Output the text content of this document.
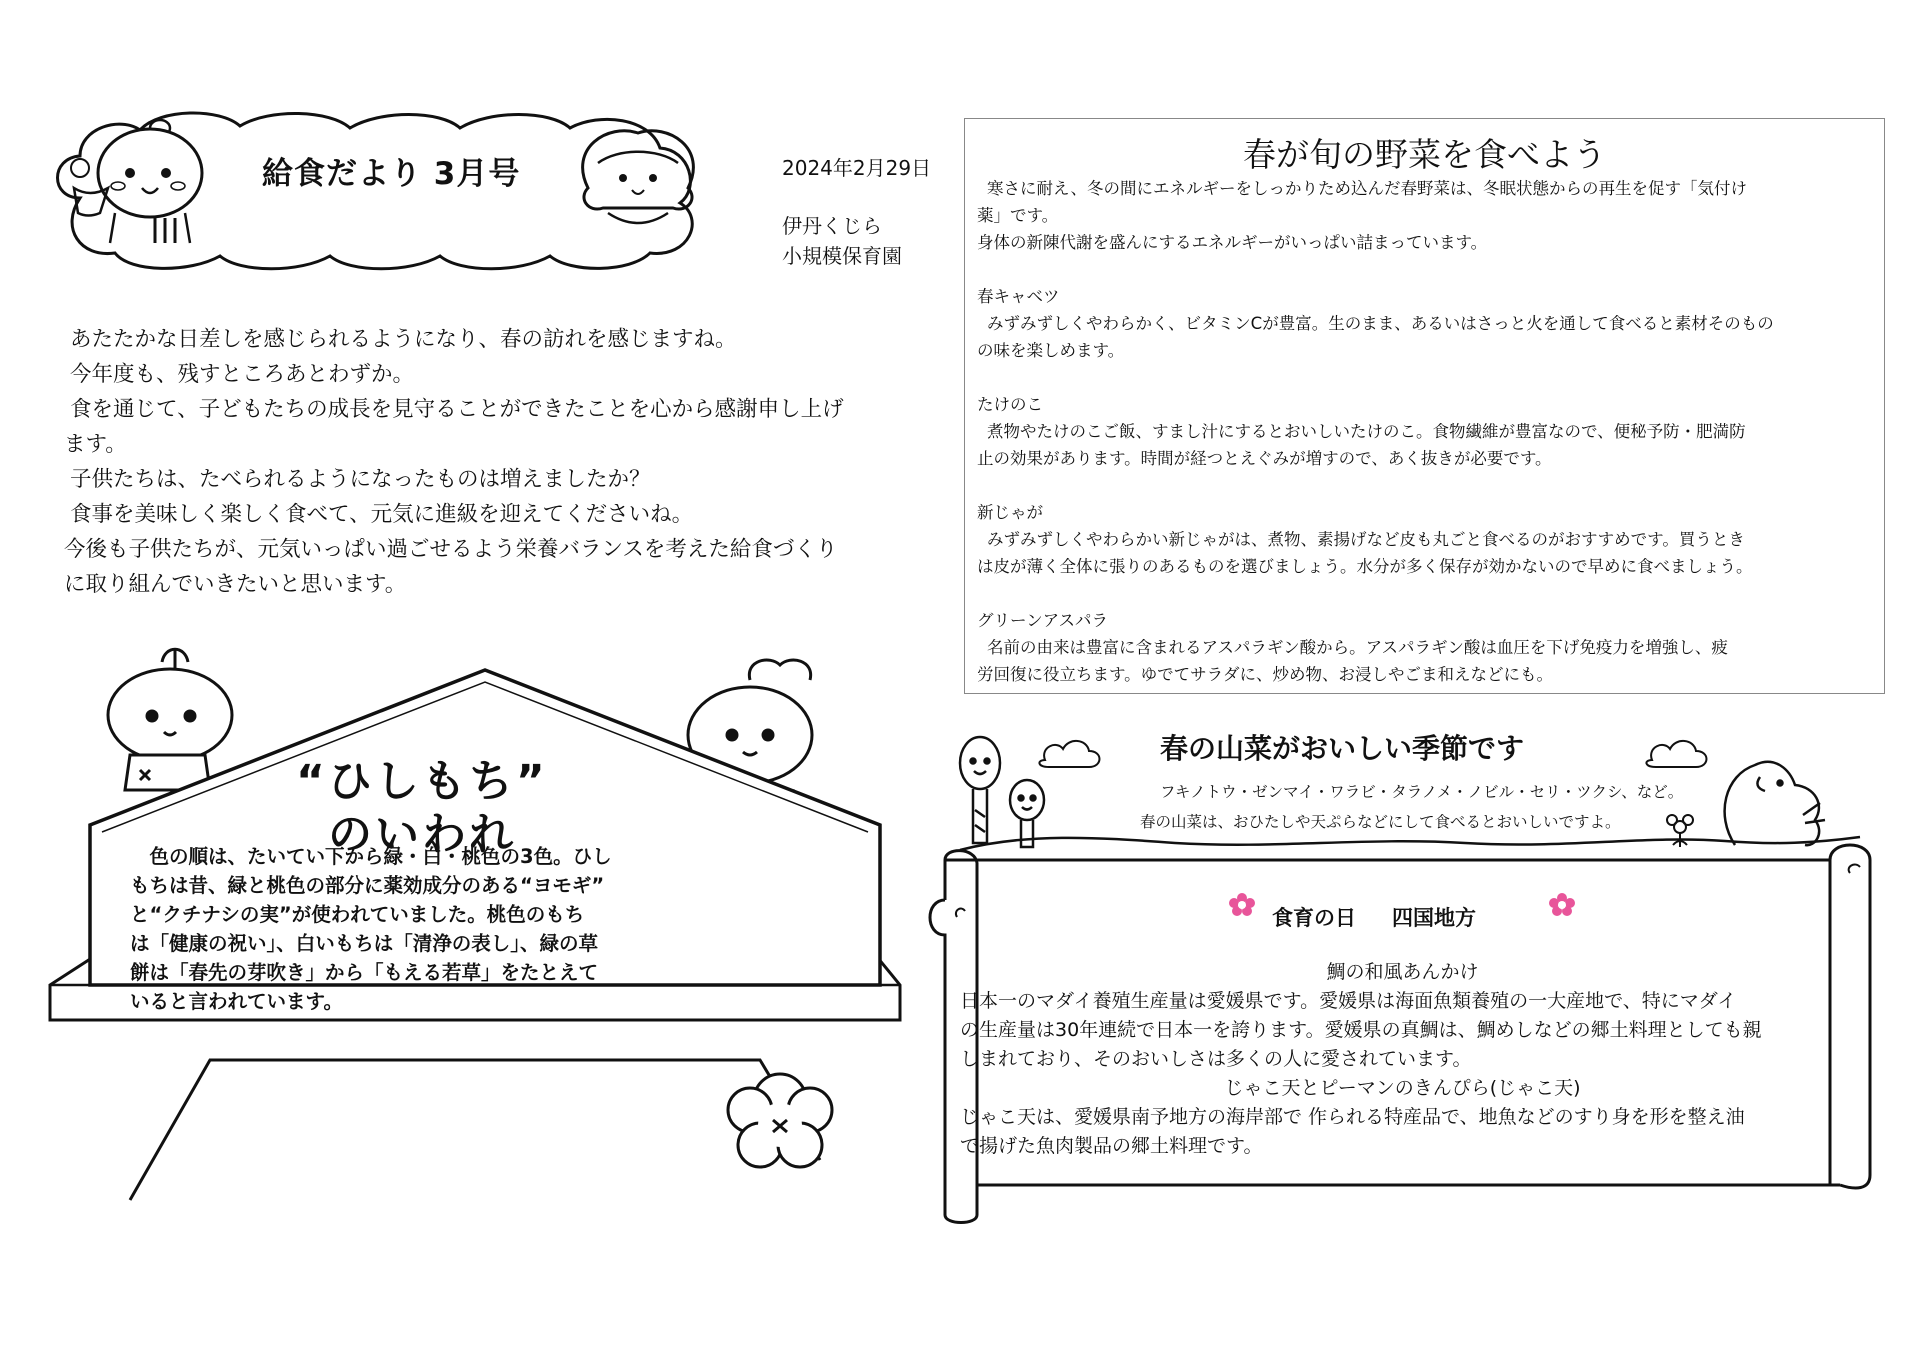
給食だより 3月号	2024年2月29日
伊丹くじら
小規模保育園

あたたかな日差しを感じられるようになり、春の訪れを感じますね。

今年度も、残すところあとわずか。

食を通じて、子どもたちの成長を見守ることができたことを心から感謝申し上げ

ます。

子供たちは、たべられるようになったものは増えましたか？

食事を美味しく楽しく食べて、元気に進級を迎えてくださいね。

今後も子供たちが、元気いっぱい過ごせるよう栄養バランスを考えた給食づくり

に取り組んでいきたいと思います。

春が旬の野菜を食べよう

寒さに耐え、冬の間にエネルギーをしっかりため込んだ春野菜は、冬眠状態からの再生を促す「気付け

薬」です。

身体の新陳代謝を盛んにするエネルギーがいっぱい詰まっています。

春キャベツ

みずみずしくやわらかく、ビタミンCが豊富。生のまま、あるいはさっと火を通して食べると素材そのもの

の味を楽しめます。

たけのこ

煮物やたけのこご飯、すまし汁にするとおいしいたけのこ。食物繊維が豊富なので、便秘予防・肥満防

止の効果があります。時間が経つとえぐみが増すので、あく抜きが必要です。

新じゃが

みずみずしくやわらかい新じゃがは、煮物、素揚げなど皮も丸ごと食べるのがおすすめです。買うとき

は皮が薄く全体に張りのあるものを選びましょう。水分が多く保存が効かないので早めに食べましょう。

グリーンアスパラ

名前の由来は豊富に含まれるアスパラギン酸から。アスパラギン酸は血圧を下げ免疫力を増強し、疲

労回復に役立ちます。ゆでてサラダに、炒め物、お浸しやごま和えなどにも。

春の山菜がおいしい季節です
フキノトウ・ゼンマイ・ワラビ・タラノメ・ノビル・セリ・ツクシ、など。
春の山菜は、おひたしや天ぷらなどにして食べるとおいしいですよ。
“ひしもち”
のいわれ

　色の順は、たいてい下から緑・白・桃色の3色。ひし

もちは昔、緑と桃色の部分に薬効成分のある“ヨモギ”

と“クチナシの実”が使われていました。桃色のもち

は「健康の祝い」、白いもちは「清浄の表し」、緑の草

餅は「春先の芽吹き」から「もえる若草」をたとえて

いると言われています。

食育の日 四国地方

鯛の和風あんかけ

日本一のマダイ養殖生産量は愛媛県です。愛媛県は海面魚類養殖の一大産地で、特にマダイ

の生産量は30年連続で日本一を誇ります。愛媛県の真鯛は、鯛めしなどの郷土料理としても親

しまれており、そのおいしさは多くの人に愛されています。

じゃこ天とピーマンのきんぴら(じゃこ天)

じゃこ天は、愛媛県南予地方の海岸部で 作られる特産品で、地魚などのすり身を形を整え油

で揚げた魚肉製品の郷土料理です。
